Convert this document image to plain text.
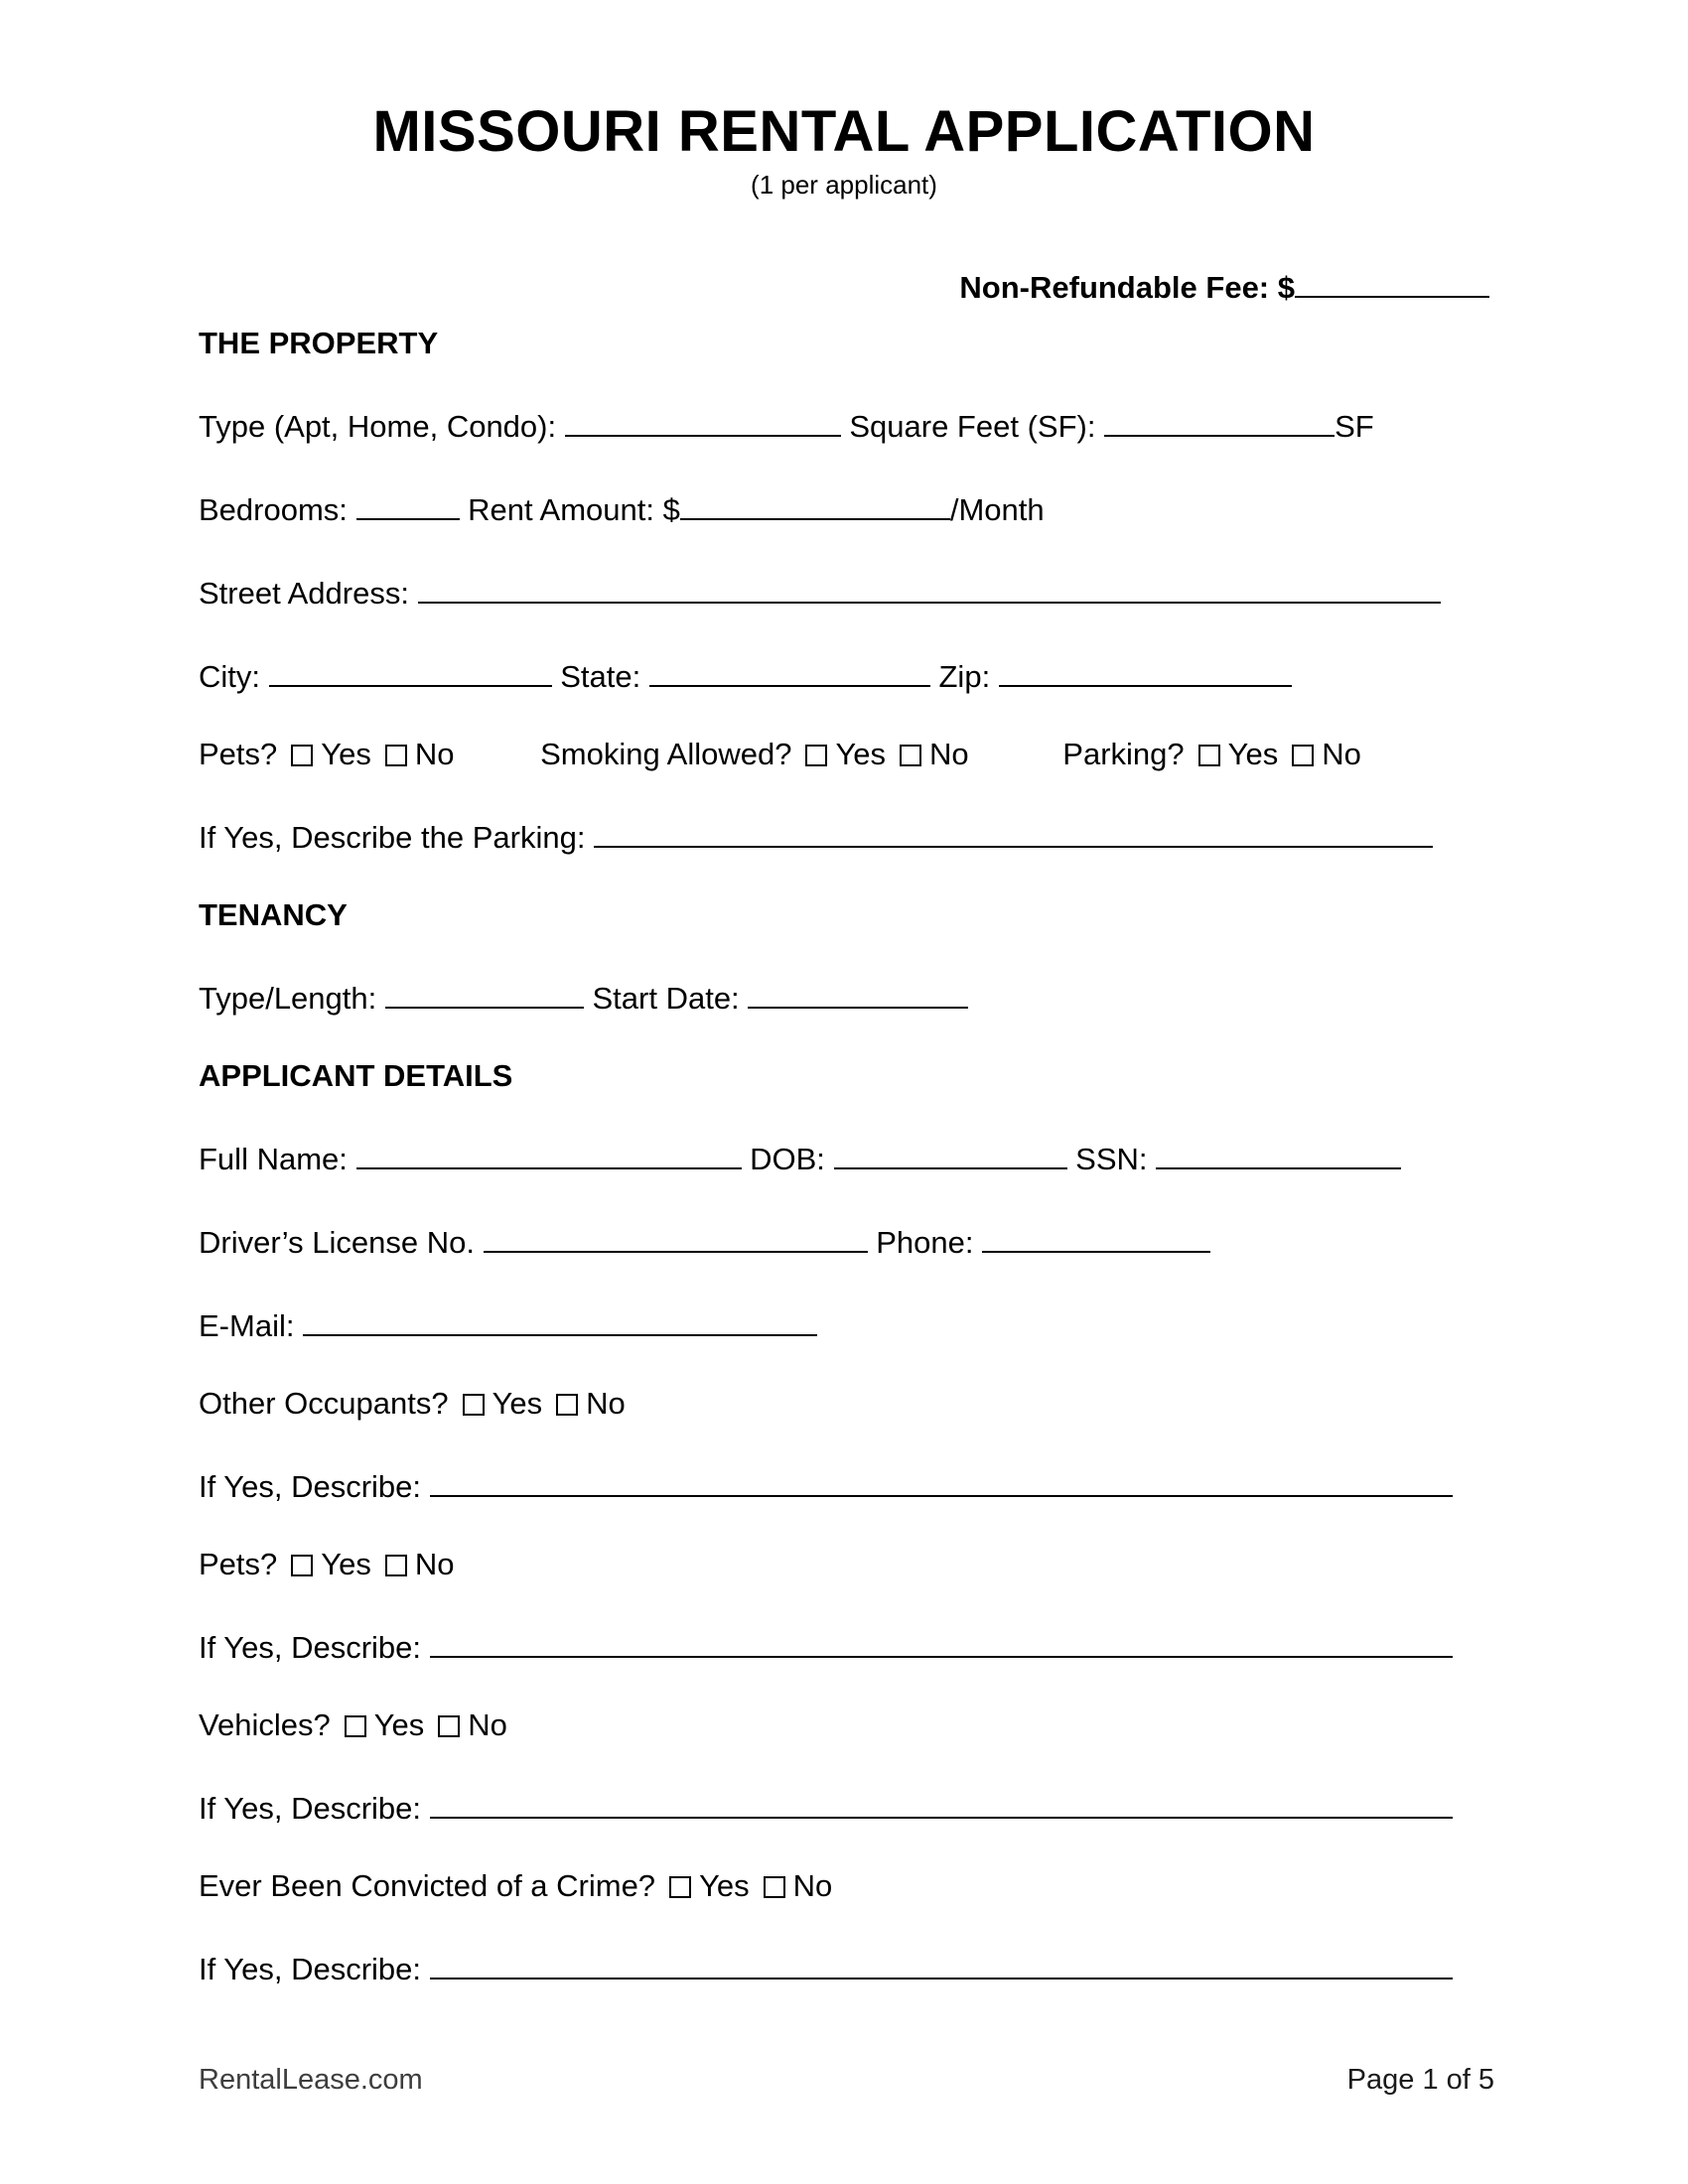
MISSOURI RENTAL APPLICATION
(1 per applicant)
Non-Refundable Fee: $
THE PROPERTY
Type (Apt, Home, Condo):	Square Feet (SF):	SF
Bedrooms:	Rent Amount: $	/Month
Street Address:
City:	State:	Zip:
Pets? Yes No	Smoking Allowed? Yes No	Parking? Yes No
If Yes, Describe the Parking:
TENANCY
Type/Length:	Start Date:
APPLICANT DETAILS
Full Name:	DOB:	SSN:
Driver’s License No.	Phone:
E-Mail:
Other Occupants? Yes No
If Yes, Describe:
Pets? Yes No
If Yes, Describe:
Vehicles? Yes No
If Yes, Describe:
Ever Been Convicted of a Crime? Yes No
If Yes, Describe:
RentalLease.com	Page 1 of 5
